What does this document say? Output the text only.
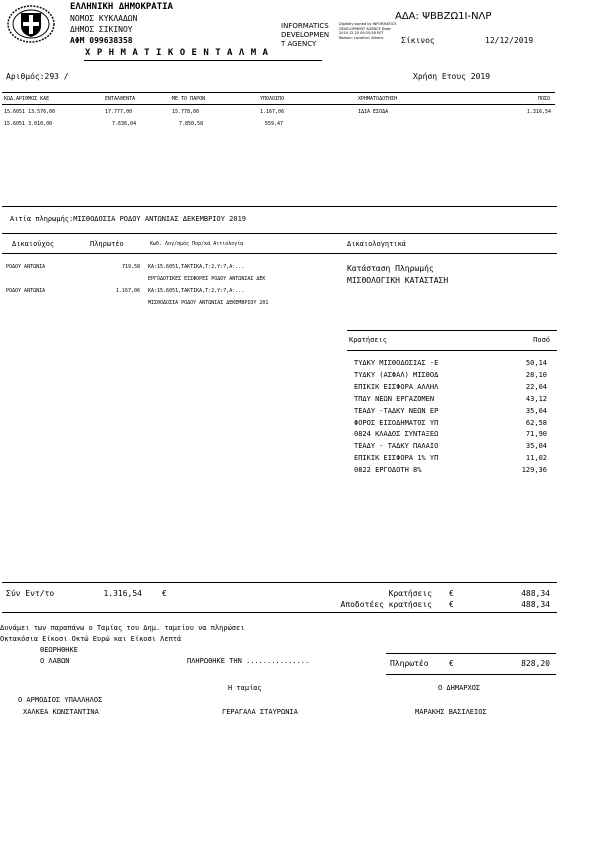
ΕΛΛΗΝΙΚΗ ΔΗΜΟΚΡΑΤΙΑ
ΝΟΜΟΣ ΚΥΚΛΑΔΩΝ
ΔΗΜΟΣ ΣΙΚΙΝΟΥ
ΑΦΜ 099638358
INFORMATICS
DEVELOPMEN
T AGENCY
Digitally signed by INFORMATICS DEVELOPMENT AGENCY Date: 2019.12.20 09:25:58 EET Reason: Location: Athens
ΑΔΑ: ΨΒΒΖΩ1Ι-ΝΛΡ
Σίκινος	12/12/2019
Χ Ρ Η Μ Α Τ Ι Κ Ο Ε Ν Τ Α Λ Μ Α
Αριθμός:293 /	Χρήση Ετους 2019
ΚΩΔ.ΑΡΙΘΜΟΣ ΚΑΕ	ΕΝΤΑΛΘΕΝΤΑ	ΜΕ ΤΟ ΠΑΡΟΝ	ΥΠΟΛΟΙΠΟ	ΧΡΗΜΑΤΟΔΟΤΗΣΗ	ΠΟΣΟ
15.6051 13.576,00	17.777,00	15.778,00	1.167,06	ΙΔΙΑ ΕΣΟΔΑ	1.316,54
15.6051 3.010,00	7.636,04	7.850,58	559,47
Αιτία πληρωμής:ΜΙΣΘΟΔΟΣΙΑ ΡΟΔΟΥ ΑΝΤΩΝΙΑΣ ΔΕΚΕΜΒΡΙΟΥ 2019
Δικαιούχος	Πληρωτέο	Κωδ. Λογ/σμός Πορ/κά Αιτιολογία	Δικαιολογητικά
ΡΟΔΟΥ ΑΝΤΩΝΙΑ	719,58 ΚΑ:15.6051,ΤΑΚΤΙΚΑ,Τ:2,Υ:7,Α:...
ΕΡΓΟΔΟΤΙΚΕΣ ΕΙΣΦΟΡΕΣ ΡΟΔΟΥ ΑΝΤΩΝΙΑΣ ΔΕΚ
ΡΟΔΟΥ ΑΝΤΩΝΙΑ	1.167,06 ΚΑ:15.6051,ΤΑΚΤΙΚΑ,Τ:2,Υ:7,Α:...
ΜΙΣΘΟΔΟΣΙΑ ΡΟΔΟΥ ΑΝΤΩΝΙΑΣ ΔΕΚΕΜΒΡΙΟΥ 201
Κατάσταση Πληρωμής
ΜΙΣΘΟΛΟΓΙΚΗ ΚΑΤΑΣΤΑΣΗ
Κρατήσεις	Ποσό
ΤΥΔΚΥ ΜΙΣΘΟΔΟΣΙΑΣ -Ε	50,14
ΤΥΔΚΥ (ΑΣΦΑΛ) ΜΙΣΘΟΔ	28,10
ΕΠΙΚΙΚ ΕΙΣΦΟΡΑ ΑΛΛΗΛ	22,04
ΤΠΔΥ ΝΕΩΝ ΕΡΓΑΖΟΜΕΝ	43,12
ΤΕΑΔΥ -ΤΑΔΚΥ ΝΕΩΝ ΕΡ	35,04
ΦΟΡΟΣ ΕΙΣΟΔΗΜΑΤΟΣ ΥΠ	62,58
0824 ΚΛΑΔΟΣ ΣΥΝΤΑΞΕΩ	71,90
ΤΕΑΔΥ - ΤΑΔΚΥ ΠΑΛΑΙΟ	35,04
ΕΠΙΚΙΚ ΕΙΣΦΟΡΑ 1% ΥΠ	11,02
0822 ΕΡΓΟΔΟΤΗ 8%	129,36
Σύν Εντ/το	1.316,54	€	Κρατήσεις €	488,34
Αποδοτέες κρατήσεις €	488,34
Δυνάμει των παραπάνω ο Ταμίας του Δημ. ταμείου να πληρώσει
Οκτακόσια Είκοσι Οκτώ Ευρώ και Είκοσι Λεπτά
ΘΕΩΡΗΘΗΚΕ
Ο ΛΑΒΩΝ	ΠΛΗΡΩΘΗΚΕ ΤΗΝ ...............	Πληρωτέο	€	828,20
Η ταμίας	Ο ΔΗΜΑΡΧΟΣ
Ο ΑΡΜΟΔΙΟΣ ΥΠΑΛΛΗΛΟΣ
ΧΑΛΚΕΑ ΚΩΝΣΤΑΝΤΙΝΑ	ΓΕΡΑΓΑΛΑ ΣΤΑΥΡΩΝΙΑ	ΜΑΡΑΚΗΣ ΒΑΣΙΛΕΙΟΣ
